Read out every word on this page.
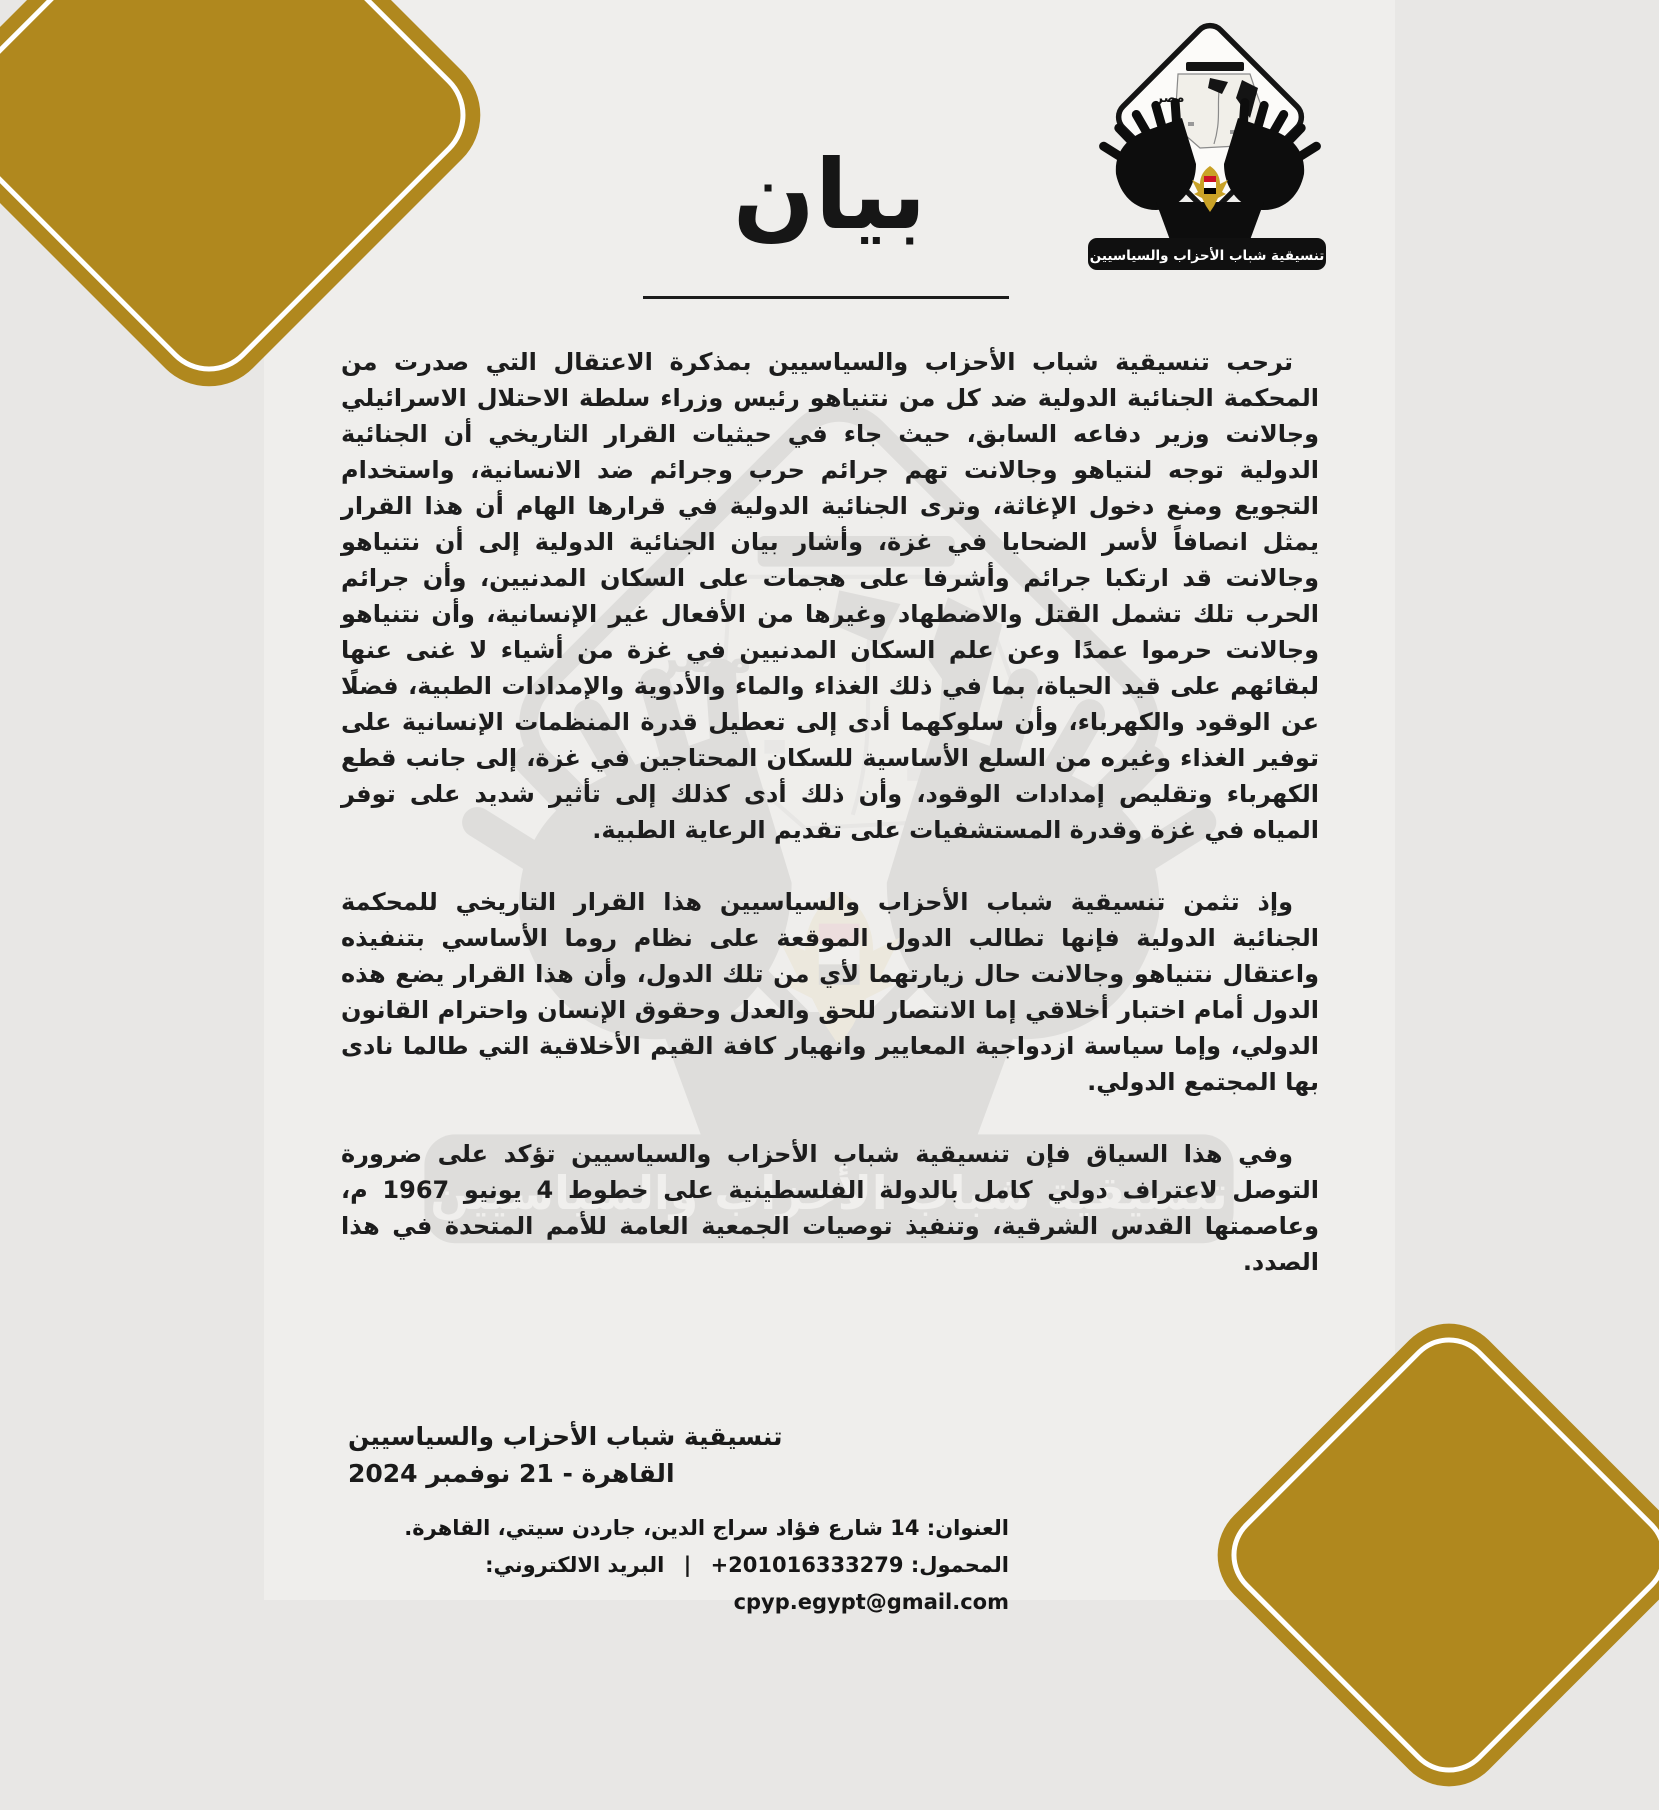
بيان

ترحب تنسيقية شباب الأحزاب والسياسيين بمذكرة الاعتقال التي صدرت من المحكمة الجنائية الدولية ضد كل من نتنياهو رئيس وزراء سلطة الاحتلال الاسرائيلي وجالانت وزير دفاعه السابق، حيث جاء في حيثيات القرار التاريخي أن الجنائية الدولية توجه لنتياهو وجالانت تهم جرائم حرب وجرائم ضد الانسانية، واستخدام التجويع ومنع دخول الإغاثة، وترى الجنائية الدولية في قرارها الهام أن هذا القرار يمثل انصافاً لأسر الضحايا في غزة، وأشار بيان الجنائية الدولية إلى أن نتنياهو وجالانت قد ارتكبا جرائم وأشرفا على هجمات على السكان المدنيين، وأن جرائم الحرب تلك تشمل القتل والاضطهاد وغيرها من الأفعال غير الإنسانية، وأن نتنياهو وجالانت حرموا عمدًا وعن علم السكان المدنيين في غزة من أشياء لا غنى عنها لبقائهم على قيد الحياة، بما في ذلك الغذاء والماء والأدوية والإمدادات الطبية، فضلًا عن الوقود والكهرباء، وأن سلوكهما أدى إلى تعطيل قدرة المنظمات الإنسانية على توفير الغذاء وغيره من السلع الأساسية للسكان المحتاجين في غزة، إلى جانب قطع الكهرباء وتقليص إمدادات الوقود، وأن ذلك أدى كذلك إلى تأثير شديد على توفر المياه في غزة وقدرة المستشفيات على تقديم الرعاية الطبية.

وإذ تثمن تنسيقية شباب الأحزاب والسياسيين هذا القرار التاريخي للمحكمة الجنائية الدولية فإنها تطالب الدول الموقعة على نظام روما الأساسي بتنفيذه واعتقال نتنياهو وجالانت حال زيارتهما لأي من تلك الدول، وأن هذا القرار يضع هذه الدول أمام اختبار أخلاقي إما الانتصار للحق والعدل وحقوق الإنسان واحترام القانون الدولي، وإما سياسة ازدواجية المعايير وانهيار كافة القيم الأخلاقية التي طالما نادى بها المجتمع الدولي.

وفي هذا السياق فإن تنسيقية شباب الأحزاب والسياسيين تؤكد على ضرورة التوصل لاعتراف دولي كامل بالدولة الفلسطينية على خطوط 4 يونيو 1967 م، وعاصمتها القدس الشرقية، وتنفيذ توصيات الجمعية العامة للأمم المتحدة في هذا الصدد.

تنسيقية شباب الأحزاب والسياسيين
القاهرة - 21 نوفمبر 2024
العنوان: 14 شارع فؤاد سراج الدين، جاردن سيتي، القاهرة.
المحمول: +201016333279 | البريد الالكتروني: cpyp.egypt@gmail.com
